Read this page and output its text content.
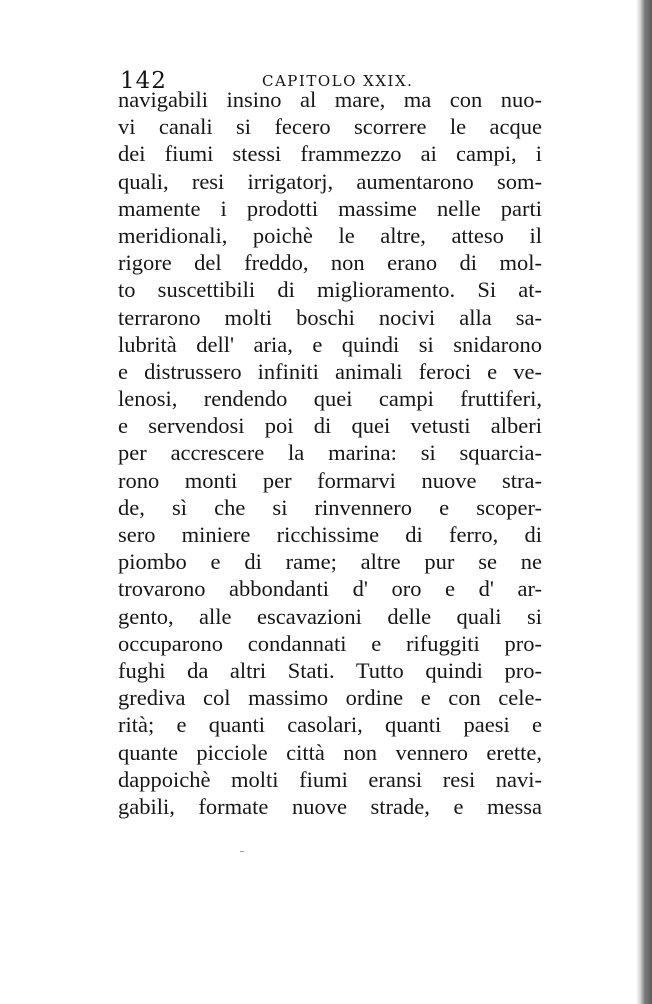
142	CAPITOLO XXIX.
navigabili insino al mare, ma con nuo-
vi canali si fecero scorrere le acque
dei fiumi stessi frammezzo ai campi, i
quali, resi irrigatorj, aumentarono som-
mamente i prodotti massime nelle parti
meridionali, poichè le altre, atteso il
rigore del freddo, non erano di mol-
to suscettibili di miglioramento. Si at-
terrarono molti boschi nocivi alla sa-
lubrità dell' aria, e quindi si snidarono
e distrussero infiniti animali feroci e ve-
lenosi, rendendo quei campi fruttiferi,
e servendosi poi di quei vetusti alberi
per accrescere la marina: si squarcia-
rono monti per formarvi nuove stra-
de, sì che si rinvennero e scoper-
sero miniere ricchissime di ferro, di
piombo e di rame; altre pur se ne
trovarono abbondanti d' oro e d' ar-
gento, alle escavazioni delle quali si
occuparono condannati e rifuggiti pro-
fughi da altri Stati. Tutto quindi pro-
grediva col massimo ordine e con cele-
rità; e quanti casolari, quanti paesi e
quante picciole città non vennero erette,
dappoichè molti fiumi eransi resi navi-
gabili, formate nuove strade, e messa
